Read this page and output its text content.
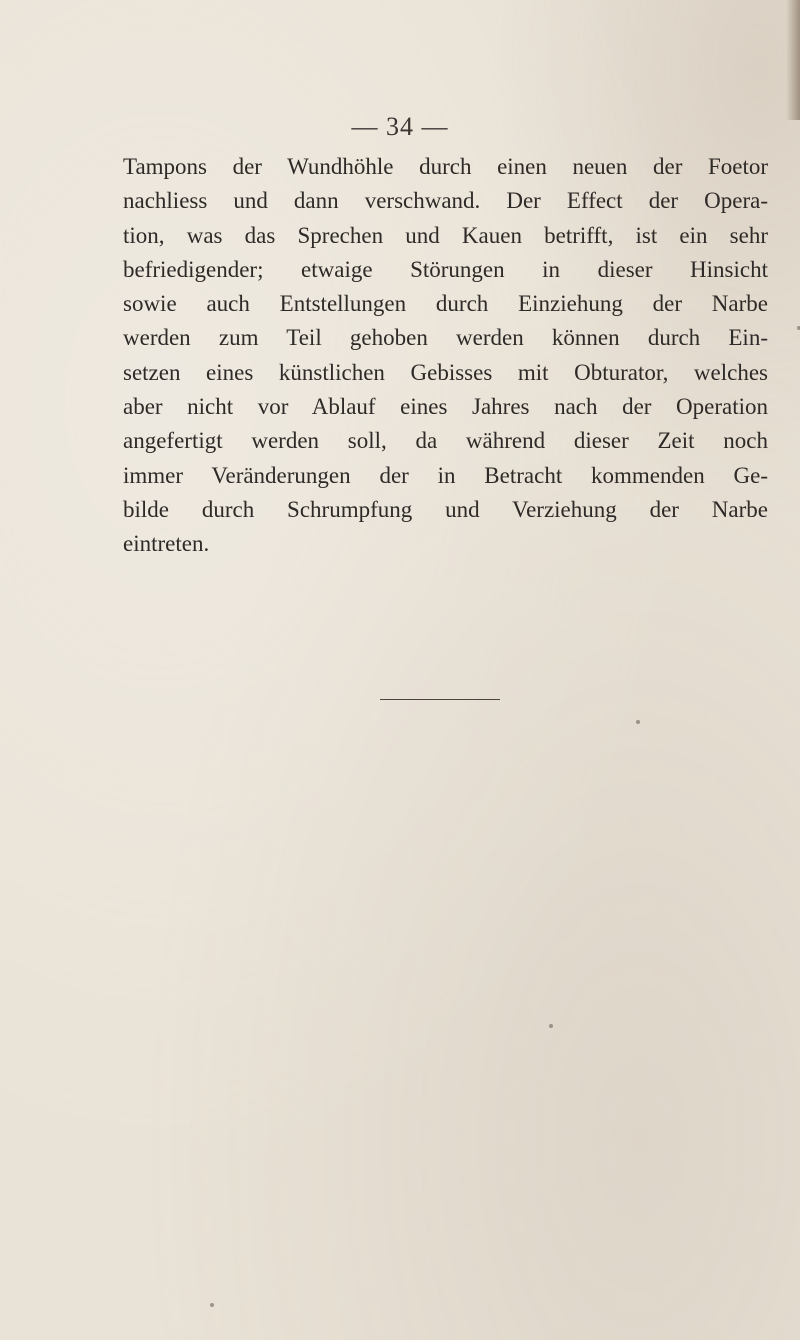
— 34 —
Tampons der Wundhöhle durch einen neuen der Foetor
nachliess und dann verschwand. Der Effect der Opera-
tion, was das Sprechen und Kauen betrifft, ist ein sehr
befriedigender; etwaige Störungen in dieser Hinsicht
sowie auch Entstellungen durch Einziehung der Narbe
werden zum Teil gehoben werden können durch Ein-
setzen eines künstlichen Gebisses mit Obturator, welches
aber nicht vor Ablauf eines Jahres nach der Operation
angefertigt werden soll, da während dieser Zeit noch
immer Veränderungen der in Betracht kommenden Ge-
bilde durch Schrumpfung und Verziehung der Narbe
eintreten.
